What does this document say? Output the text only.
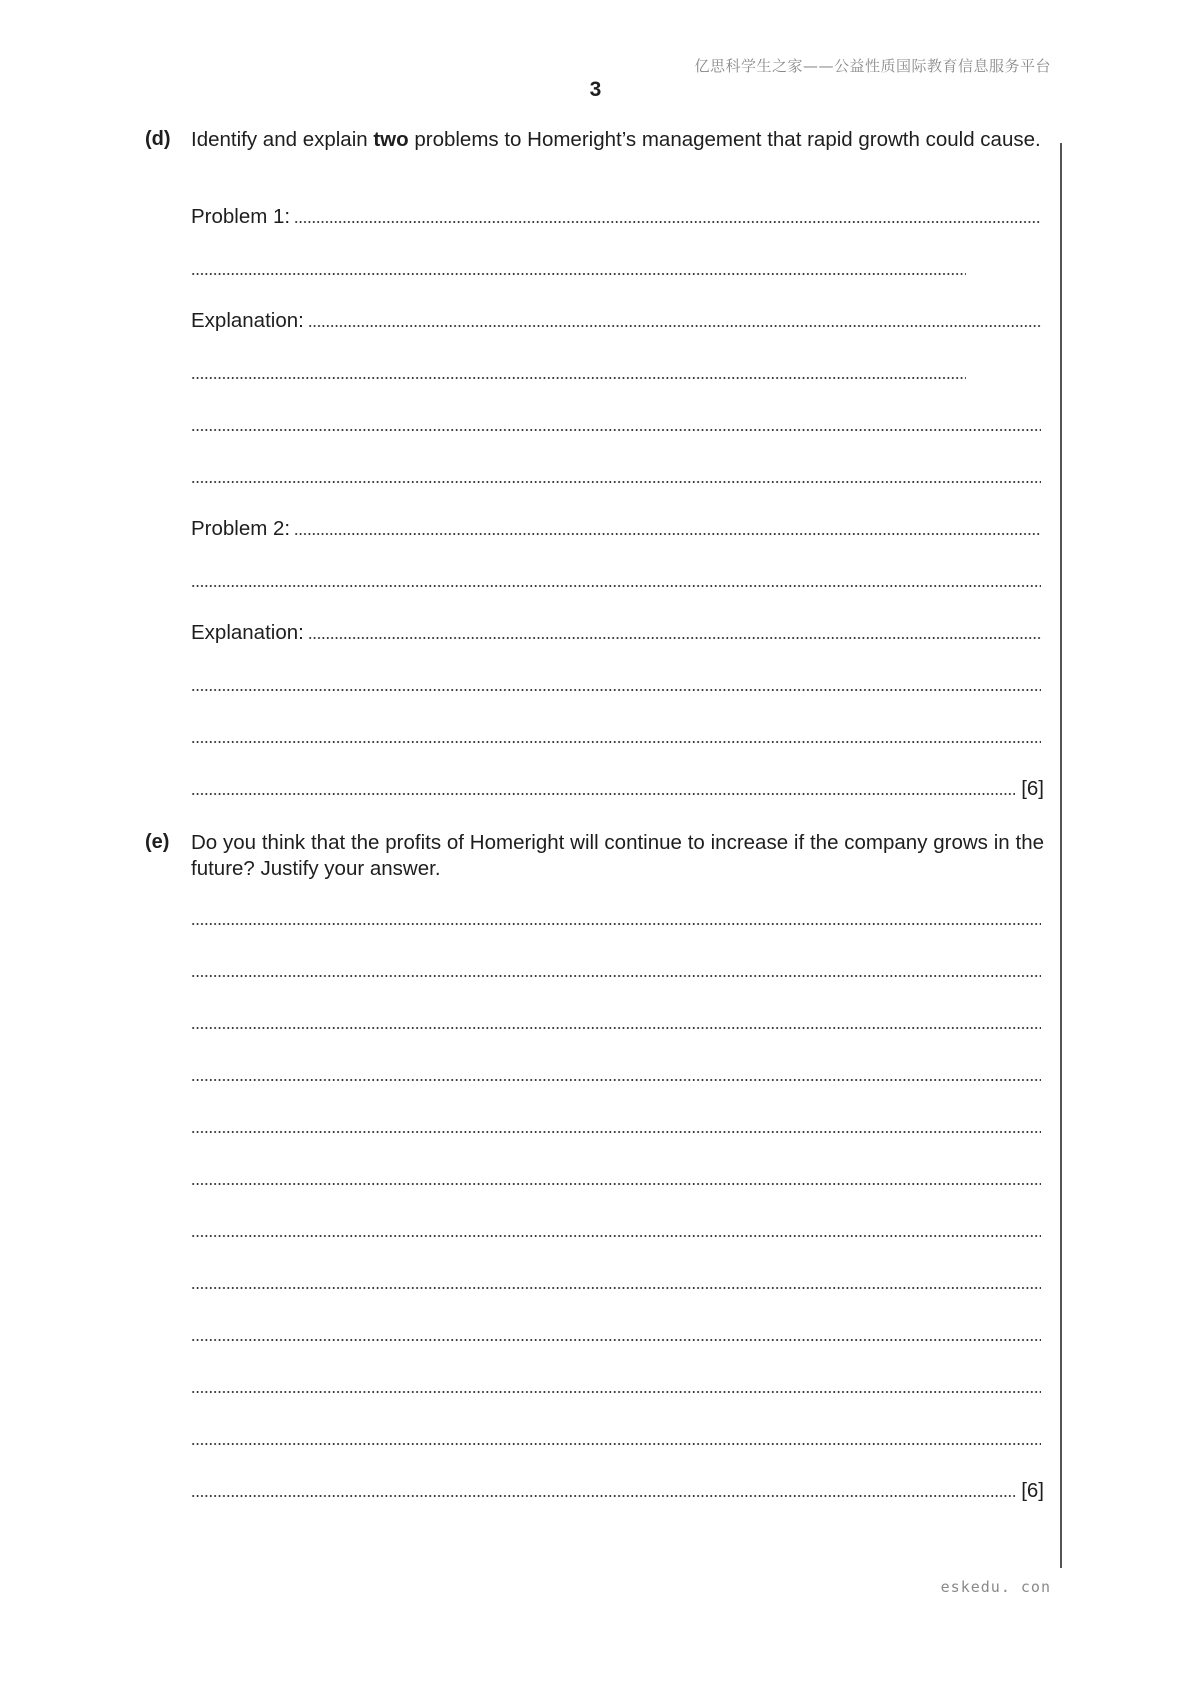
亿思科学生之家——公益性质国际教育信息服务平台
3
(d) Identify and explain two problems to Homeright’s management that rapid growth could cause.
Problem 1:
Explanation:
Problem 2:
Explanation:
[6]
(e) Do you think that the profits of Homeright will continue to increase if the company grows in the future? Justify your answer.
[6]
eskedu. con
